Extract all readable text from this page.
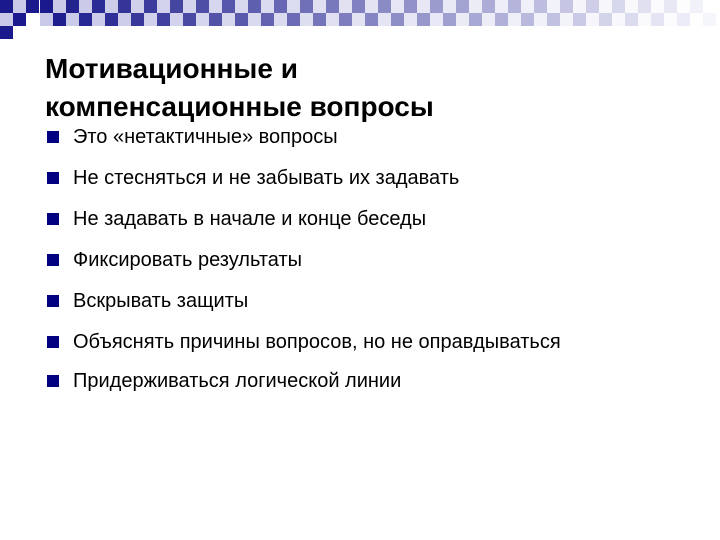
Мотивационные и
компенсационные вопросы
Это «нетактичные» вопросы
Не стесняться и не забывать их задавать
Не задавать в начале и конце беседы
Фиксировать результаты
Вскрывать защиты
Объяснять причины вопросов, но не оправдываться
Придерживаться логической линии
